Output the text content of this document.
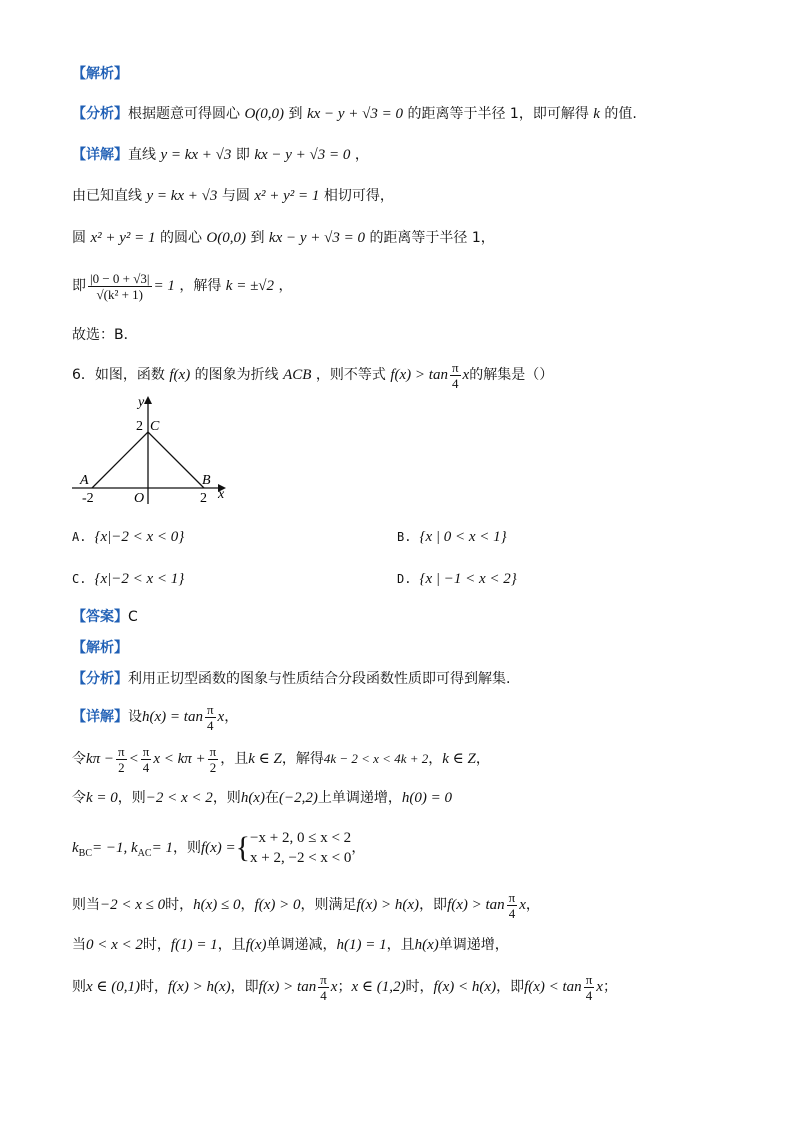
【解析】
【分析】根据题意可得圆心 O(0,0) 到 kx − y + √3 = 0 的距离等于半径 1，即可解得 k 的值.
【详解】直线 y = kx + √3 即 kx − y + √3 = 0 ，
由已知直线 y = kx + √3 与圆 x² + y² = 1 相切可得，
圆 x² + y² = 1 的圆心 O(0,0) 到 kx − y + √3 = 0 的距离等于半径 1，
即 $\frac{|0 - 0 + √3|}{\text{√(k² + 1)}} = 1$ ，解得 k = ±√2 ，
故选：B．
6．如图，函数 f(x) 的图象为折线 ACB ，则不等式 $f(x) > \tan \frac{\pi}{4}$ x的解集是（）
y
C
2
A	B
-2	O	2 x
A. {x|−2 < x < 0}	B. {x | 0 < x < 1}
C. {x|−2 < x < 1}	D. {x | −1 < x < 2}
【答案】C
【解析】
【分析】利用正切型函数的图象与性质结合分段函数性质即可得到解集.
【详解】设$h(x) = \tan \frac{\pi}{4}$ x，
令$k\pi - \frac{\pi}{2} < \frac{\pi}{4}$ $x < k\pi + \frac{\pi}{2}$ ，且k ∈ Z，解得4k − 2 < x < 4k + 2，k ∈ Z，
令k = 0，则−2 < x < 2，则h(x)在(−2,2)上单调递增，h(0) = 0
$k_{BC}= -1$, $k_{AC}= 1$，则f(x) ={ −x + 2, 0 ≤ x < 2
x + 2, −2 < x < 0
，
则当−2 < x ≤ 0时，h(x) ≤ 0，f(x) > 0，则满足f(x) > h(x)，即$f(x) > \tan \frac{\pi}{4}$ x，
当0 < x < 2时，f(1) = 1，且f(x)单调递减，h(1) = 1，且h(x)单调递增，
则x ∈ (0,1)时，f(x) > h(x)，即$f(x) > \tan \frac{\pi}{4}$ x；x ∈ (1,2)时，f(x) < h(x)，即$f(x) < \tan \frac{\pi}{4}$ x；
